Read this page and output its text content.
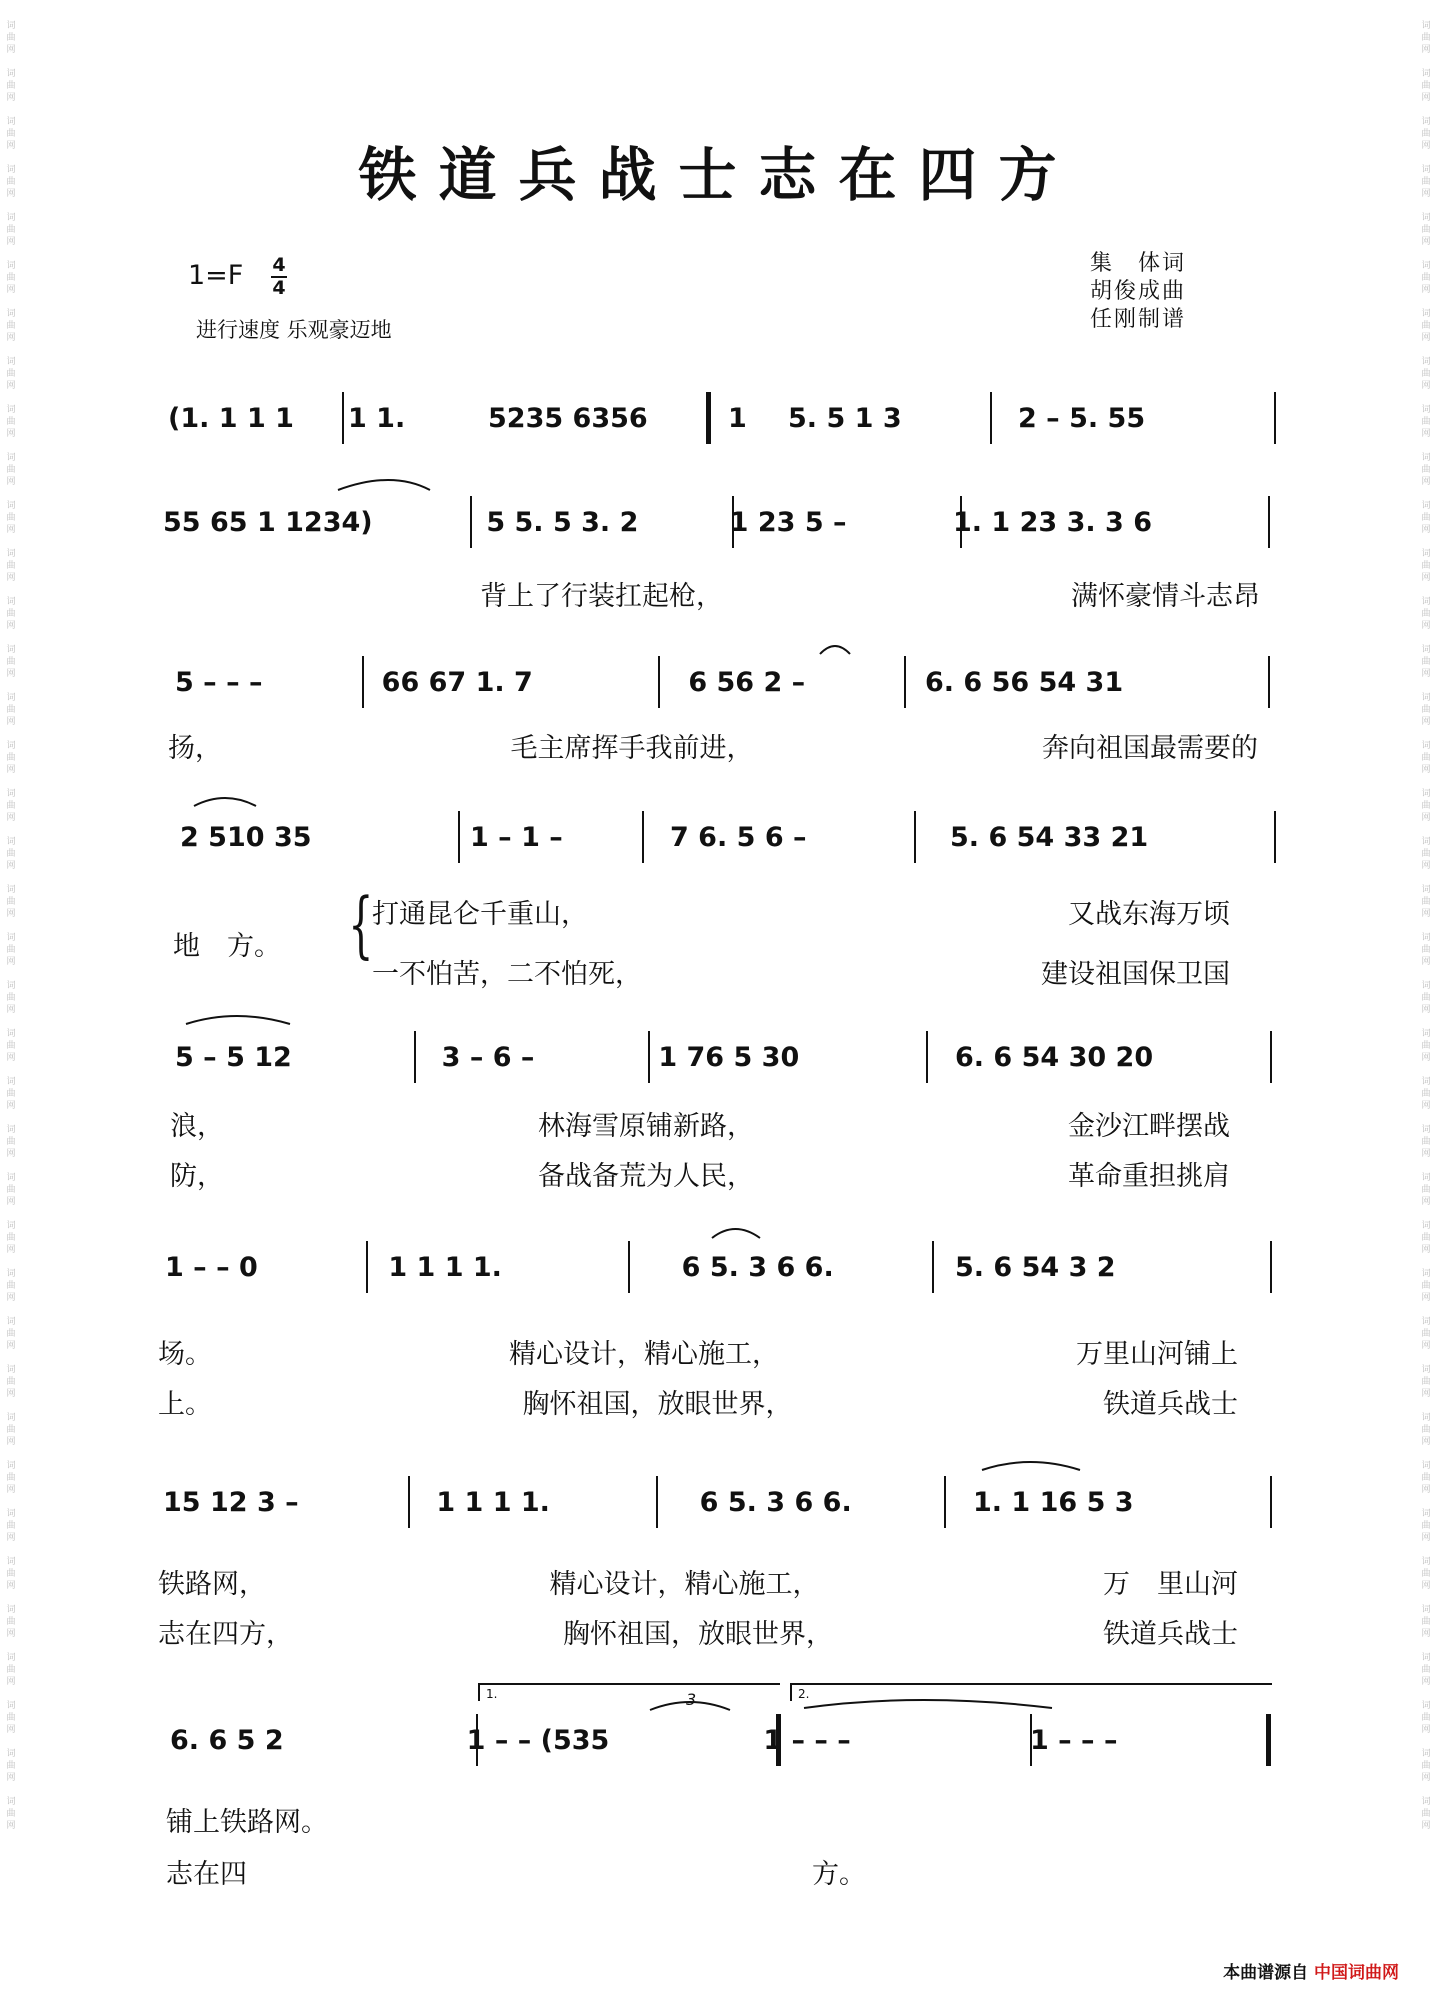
词
曲
网

词
曲
网

词
曲
网

词
曲
网

词
曲
网

词
曲
网

词
曲
网

词
曲
网

词
曲
网

词
曲
网

词
曲
网

词
曲
网

词
曲
网

词
曲
网

词
曲
网

词
曲
网

词
曲
网

词
曲
网

词
曲
网

词
曲
网

词
曲
网

词
曲
网

词
曲
网

词
曲
网

词
曲
网

词
曲
网

词
曲
网

词
曲
网

词
曲
网

词
曲
网

词
曲
网

词
曲
网

词
曲
网

词
曲
网

词
曲
网

词
曲
网

词
曲
网

词
曲
网
词
曲
网

词
曲
网

词
曲
网

词
曲
网

词
曲
网

词
曲
网

词
曲
网

词
曲
网

词
曲
网

词
曲
网

词
曲
网

词
曲
网

词
曲
网

词
曲
网

词
曲
网

词
曲
网

词
曲
网

词
曲
网

词
曲
网

词
曲
网

词
曲
网

词
曲
网

词
曲
网

词
曲
网

词
曲
网

词
曲
网

词
曲
网

词
曲
网

词
曲
网

词
曲
网

词
曲
网

词
曲
网

词
曲
网

词
曲
网

词
曲
网

词
曲
网

词
曲
网

词
曲
网
铁道兵战士志在四方
1=F 4
4
进行速度 乐观豪迈地
集　体词
胡俊成曲
任刚制谱
(1. 1 1 1	1 1.	5235 6356	1	5. 5 1 3	2 – 5. 55
55 65 1 1234)	5 5. 5 3. 2	1 23 5 –	1. 1 23 3. 3 6
背上了行装扛起枪，	满怀豪情斗志昂
5 – – –	66 67 1. 7	6 56 2 –	6. 6 56 54 31
扬，	毛主席挥手我前进，	奔向祖国最需要的
2 510 35	1 – 1 –	7 6. 5 6 –	5. 6 54 33 21
地　方。 {
打通昆仑千重山，	又战东海万顷
一不怕苦，二不怕死，	建设祖国保卫国
5 – 5 12	3 – 6 –	1 76 5 30	6. 6 54 30 20
浪，	林海雪原铺新路，	金沙江畔摆战
防，	备战备荒为人民，	革命重担挑肩
1 – – 0	1 1 1 1.	6 5. 3 6 6.	5. 6 54 3 2
场。	精心设计，精心施工，	万里山河铺上
上。	胸怀祖国，放眼世界，	铁道兵战士
15 12 3 –	1 1 1 1.	6 5. 3 6 6.	1. 1 16 5 3
铁路网，	精心设计，精心施工，	万　里山河
志在四方，	胸怀祖国，放眼世界，	铁道兵战士
1.	2.
6. 6 5 2	1 – – (535	1 – – –	1 – – –
铺上铁路网。
志在四	方。
3
本曲谱源自 中国词曲网
